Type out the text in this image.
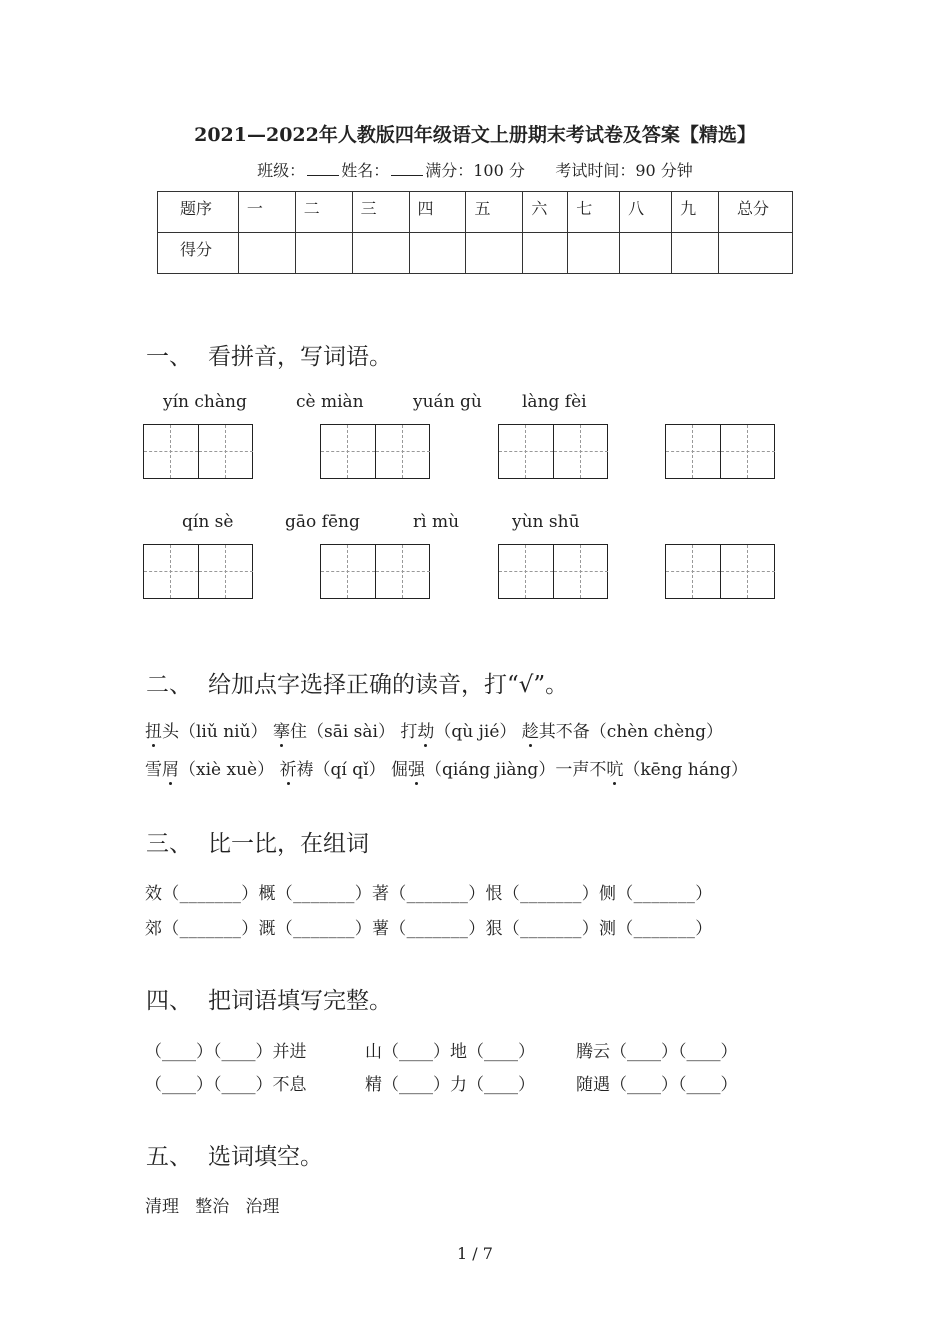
2021—2022年人教版四年级语文上册期末考试卷及答案【精选】
班级： 姓名： 满分：100 分 考试时间：90 分钟
题序	一	二	三	四	五	六	七	八	九	总分
得分										
一、 看拼音，写词语。
yín chàng	cè miàn	yuán gù làng fèi
qín sè	gāo fēng	rì mù	yùn shū
二、 给加点字选择正确的读音，打“√”。
扭头（liǔ niǔ） 搴住（sāi sài） 打劫（qù jié） 趁其不备（chèn chèng）
雪屑（xiè xuè） 祈祷（qí qǐ） 倔强（qiáng jiàng）一声不吭（kēng háng）
三、 比一比，在组词
效（_______）概（_______）著（_______）恨（_______）侧（_______）
郊（_______）溉（_______）薯（_______）狠（_______）测（_______）
四、 把词语填写完整。
（____）（____）并进	山（____）地（____） 腾云（____）（____）
（____）（____）不息	精（____）力（____） 随遇（____）（____）
五、 选词填空。
清理   整治   治理
1 / 7
